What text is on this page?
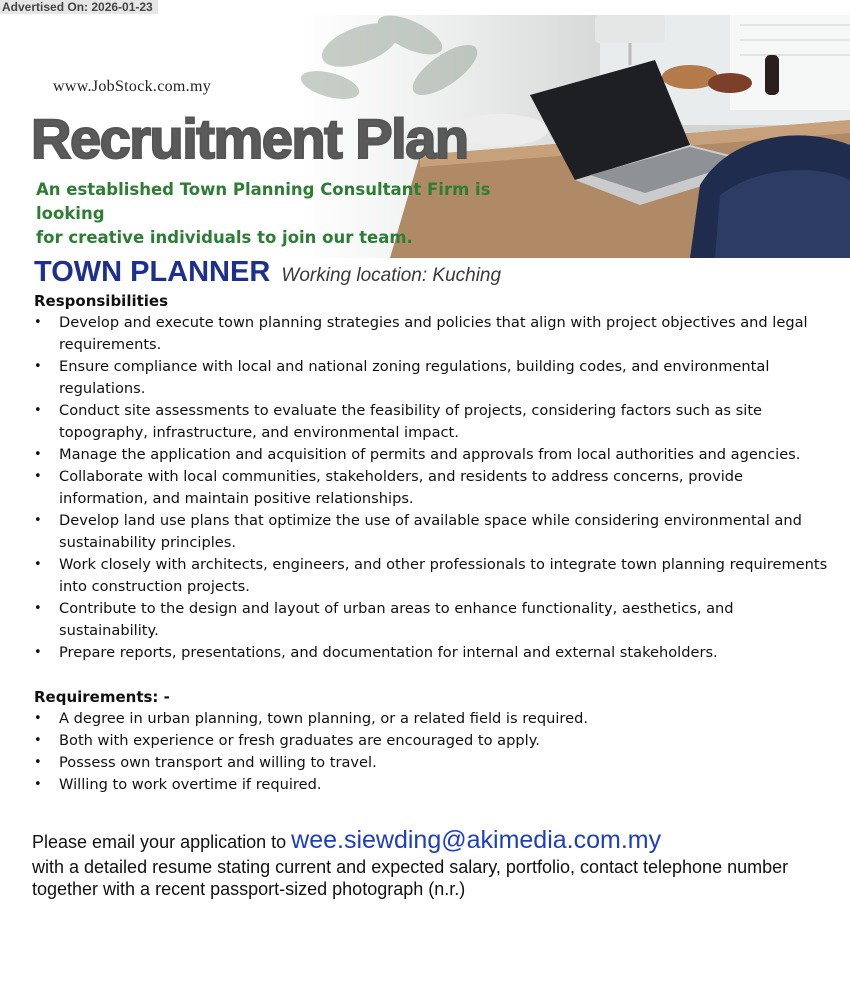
Advertised On: 2026-01-23
www.JobStock.com.my
Recruitment Plan
An established Town Planning Consultant Firm is looking
for creative individuals to join our team.
TOWN PLANNER Working location: Kuching
Responsibilities
•	Develop and execute town planning strategies and policies that align with project objectives and legal requirements.
•	Ensure compliance with local and national zoning regulations, building codes, and environmental regulations.
•	Conduct site assessments to evaluate the feasibility of projects, considering factors such as site topography, infrastructure, and environmental impact.
•	Manage the application and acquisition of permits and approvals from local authorities and agencies.
•	Collaborate with local communities, stakeholders, and residents to address concerns, provide information, and maintain positive relationships.
•	Develop land use plans that optimize the use of available space while considering environmental and sustainability principles.
•	Work closely with architects, engineers, and other professionals to integrate town planning requirements into construction projects.
•	Contribute to the design and layout of urban areas to enhance functionality, aesthetics, and sustainability.
•	Prepare reports, presentations, and documentation for internal and external stakeholders.
Requirements: -
•	A degree in urban planning, town planning, or a related field is required.
•	Both with experience or fresh graduates are encouraged to apply.
•	Possess own transport and willing to travel.
•	Willing to work overtime if required.
Please email your application to wee.siewding@akimedia.com.my
with a detailed resume stating current and expected salary, portfolio, contact telephone number together with a recent passport-sized photograph (n.r.)
